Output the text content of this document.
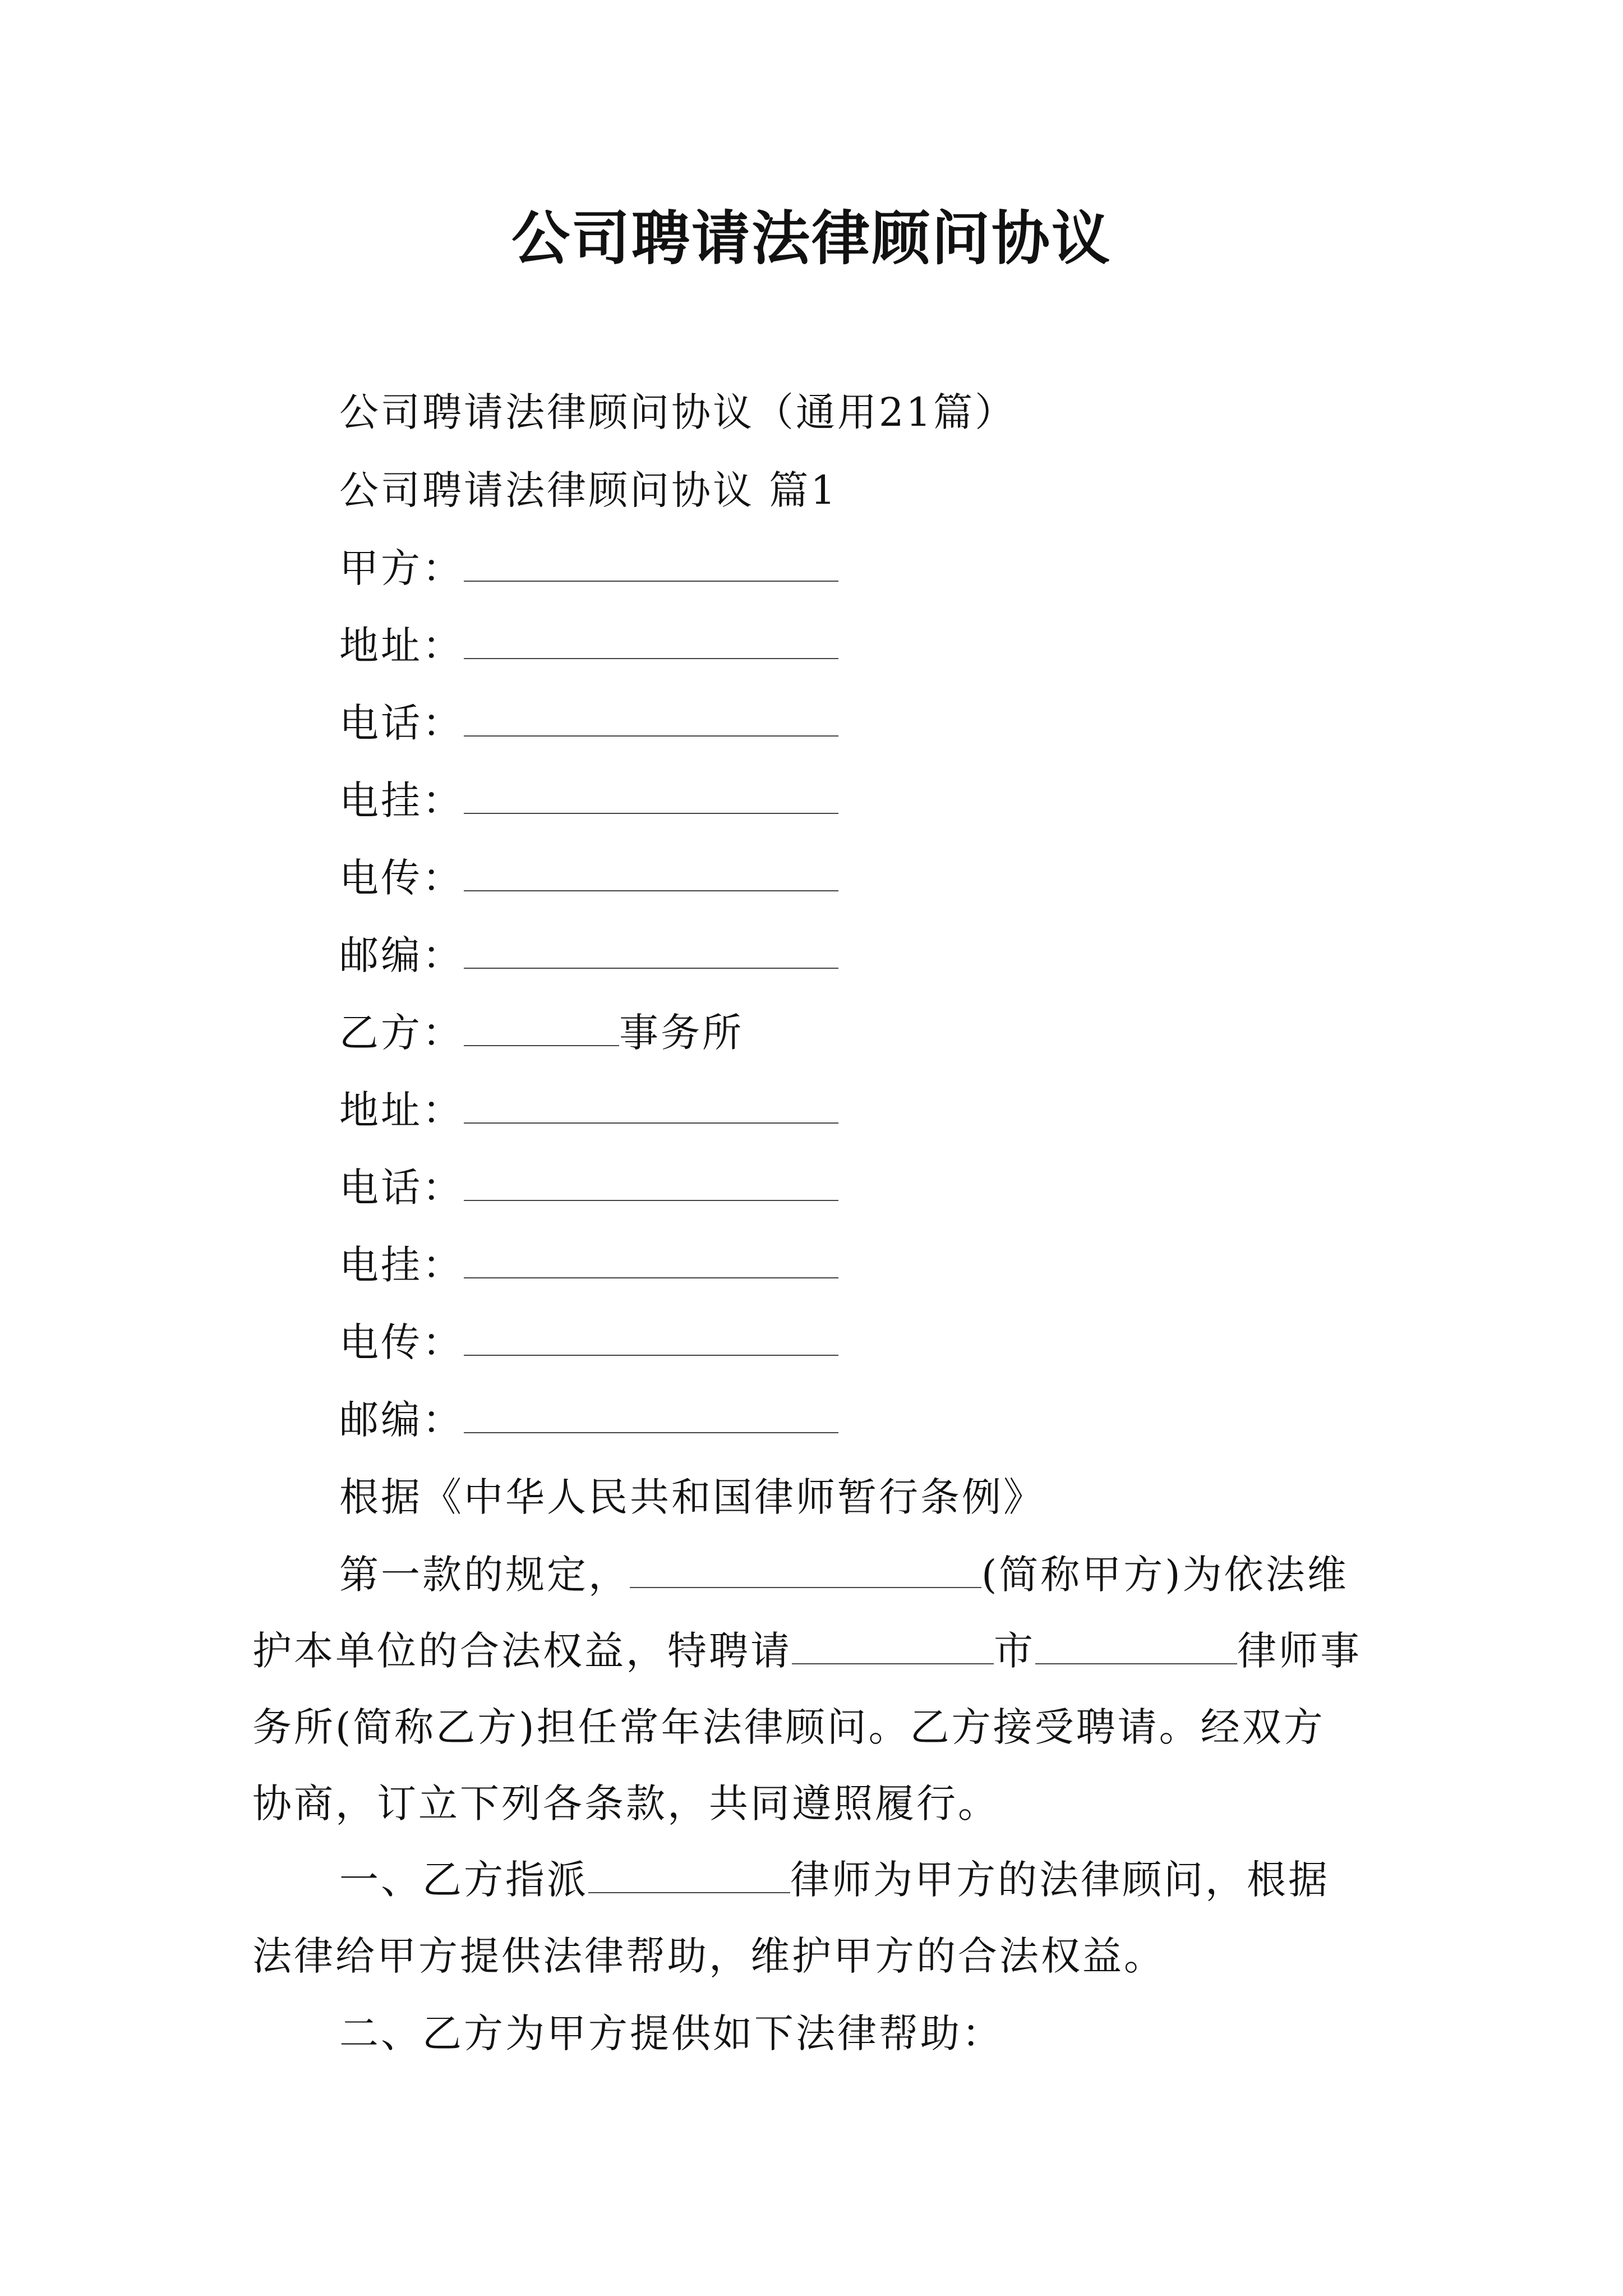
公司聘请法律顾问协议
公司聘请法律顾问协议（通用21篇）
公司聘请法律顾问协议 篇1
甲方：
地址：
电话：
电挂：
电传：
邮编：
乙方：	事务所
地址：
电话：
电挂：
电传：
邮编：
根据《中华人民共和国律师暂行条例》
第一款的规定，	(简称甲方)为依法维
护本单位的合法权益，特聘请	市	律师事
务所(简称乙方)担任常年法律顾问。乙方接受聘请。经双方
协商，订立下列各条款，共同遵照履行。
一、乙方指派	律师为甲方的法律顾问，根据
法律给甲方提供法律帮助，维护甲方的合法权益。
二、乙方为甲方提供如下法律帮助：
